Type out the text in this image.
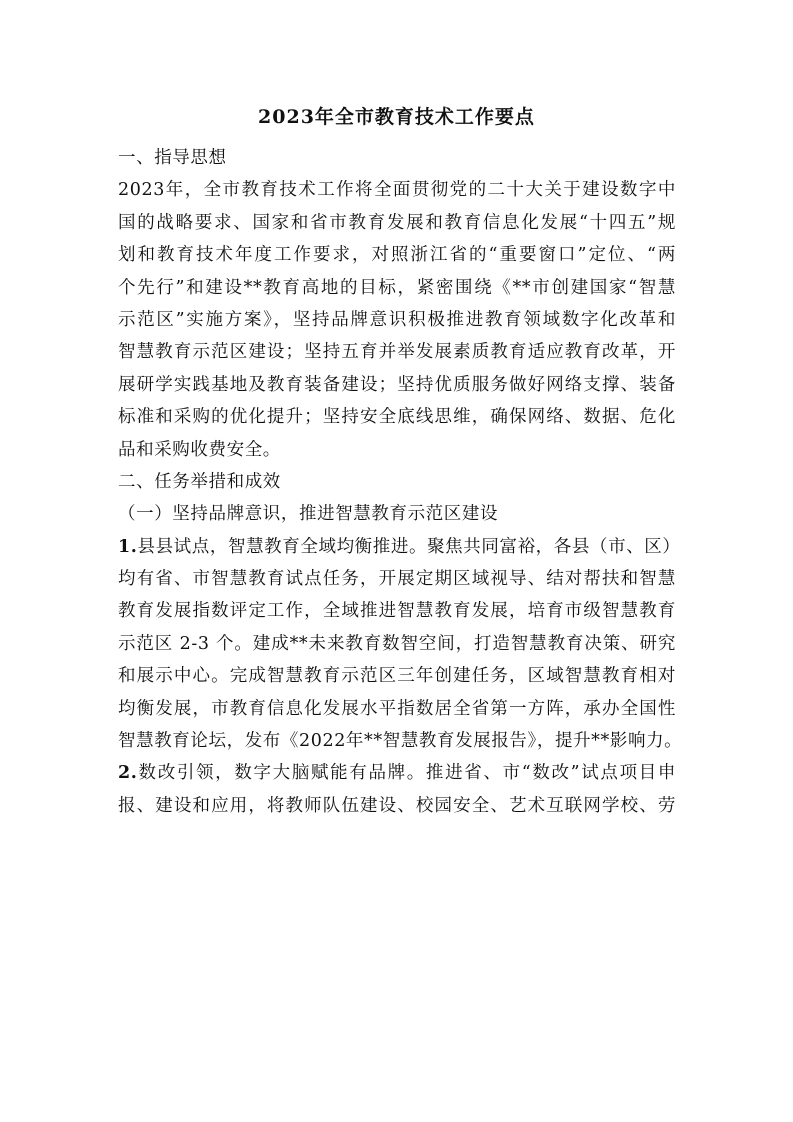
2023年全市教育技术工作要点
一、指导思想
2023年，全市教育技术工作将全面贯彻党的二十大关于建设数字中
国的战略要求、国家和省市教育发展和教育信息化发展“十四五”规
划和教育技术年度工作要求，对照浙江省的“重要窗口”定位、“两
个先行”和建设**教育高地的目标，紧密围绕《**市创建国家“智慧
示范区”实施方案》，坚持品牌意识积极推进教育领域数字化改革和
智慧教育示范区建设；坚持五育并举发展素质教育适应教育改革，开
展研学实践基地及教育装备建设；坚持优质服务做好网络支撑、装备
标准和采购的优化提升；坚持安全底线思维，确保网络、数据、危化
品和采购收费安全。
二、任务举措和成效
（一）坚持品牌意识，推进智慧教育示范区建设
1.县县试点，智慧教育全域均衡推进。聚焦共同富裕，各县（市、区）
均有省、市智慧教育试点任务，开展定期区域视导、结对帮扶和智慧
教育发展指数评定工作，全域推进智慧教育发展，培育市级智慧教育
示范区 2-3 个。建成**未来教育数智空间，打造智慧教育决策、研究
和展示中心。完成智慧教育示范区三年创建任务，区域智慧教育相对
均衡发展，市教育信息化发展水平指数居全省第一方阵，承办全国性
智慧教育论坛，发布《2022年**智慧教育发展报告》，提升**影响力。
2.数改引领，数字大脑赋能有品牌。推进省、市“数改”试点项目申
报、建设和应用，将教师队伍建设、校园安全、艺术互联网学校、劳
